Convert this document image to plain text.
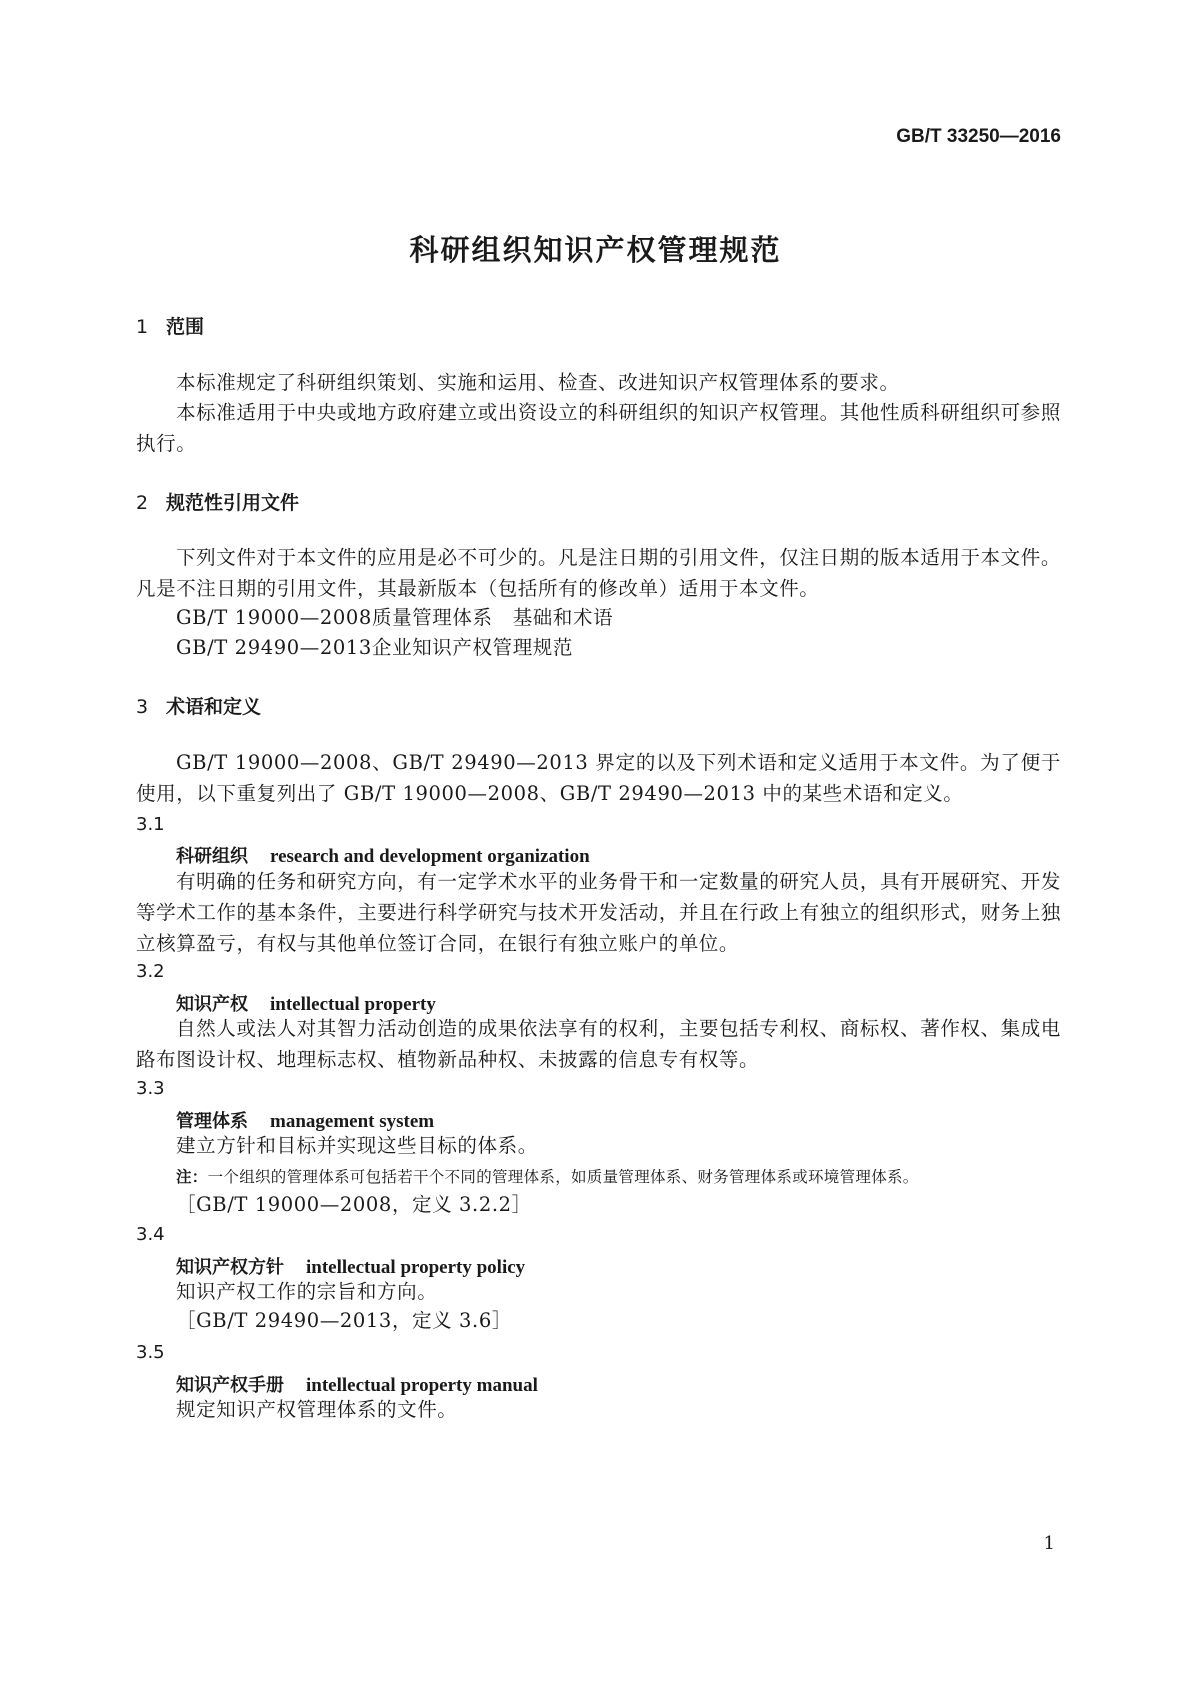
GB/T 33250—2016
科研组织知识产权管理规范
1 范围
本标准规定了科研组织策划、实施和运用、检查、改进知识产权管理体系的要求。
本标准适用于中央或地方政府建立或出资设立的科研组织的知识产权管理。其他性质科研组织可参照执行。
2 规范性引用文件
下列文件对于本文件的应用是必不可少的。凡是注日期的引用文件，仅注日期的版本适用于本文件。凡是不注日期的引用文件，其最新版本（包括所有的修改单）适用于本文件。
GB/T 19000—2008质量管理体系　基础和术语
GB/T 29490—2013企业知识产权管理规范
3 术语和定义
GB/T 19000—2008、GB/T 29490—2013 界定的以及下列术语和定义适用于本文件。为了便于使用，以下重复列出了 GB/T 19000—2008、GB/T 29490—2013 中的某些术语和定义。
3.1
科研组织 research and development organization
有明确的任务和研究方向，有一定学术水平的业务骨干和一定数量的研究人员，具有开展研究、开发等学术工作的基本条件，主要进行科学研究与技术开发活动，并且在行政上有独立的组织形式，财务上独立核算盈亏，有权与其他单位签订合同，在银行有独立账户的单位。
3.2
知识产权 intellectual property
自然人或法人对其智力活动创造的成果依法享有的权利，主要包括专利权、商标权、著作权、集成电路布图设计权、地理标志权、植物新品种权、未披露的信息专有权等。
3.3
管理体系 management system
建立方针和目标并实现这些目标的体系。
注：一个组织的管理体系可包括若干个不同的管理体系，如质量管理体系、财务管理体系或环境管理体系。
［GB/T 19000—2008，定义 3.2.2］
3.4
知识产权方针 intellectual property policy
知识产权工作的宗旨和方向。
［GB/T 29490—2013，定义 3.6］
3.5
知识产权手册 intellectual property manual
规定知识产权管理体系的文件。
1
